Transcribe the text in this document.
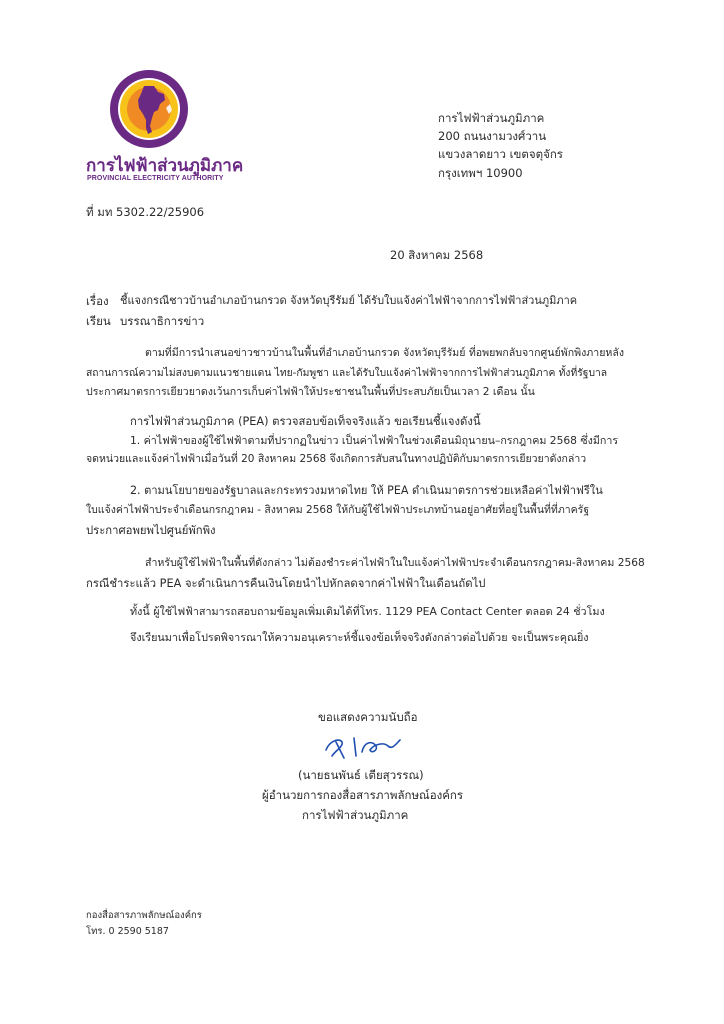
การไฟฟ้าส่วนภูมิภาค
PROVINCIAL ELECTRICITY AUTHORITY
การไฟฟ้าส่วนภูมิภาค
200 ถนนงามวงศ์วาน
แขวงลาดยาว เขตจตุจักร
กรุงเทพฯ 10900
ที่ มท 5302.22/25906
20 สิงหาคม 2568
เรื่อง ชี้แจงกรณีชาวบ้านอำเภอบ้านกรวด จังหวัดบุรีรัมย์ ได้รับใบแจ้งค่าไฟฟ้าจากการไฟฟ้าส่วนภูมิภาค
เรียน บรรณาธิการข่าว
ตามที่มีการนำเสนอข่าวชาวบ้านในพื้นที่อำเภอบ้านกรวด จังหวัดบุรีรัมย์ ที่อพยพกลับจากศูนย์พักพิงภายหลัง
สถานการณ์ความไม่สงบตามแนวชายแดน ไทย-กัมพูชา และได้รับใบแจ้งค่าไฟฟ้าจากการไฟฟ้าส่วนภูมิภาค ทั้งที่รัฐบาล
ประกาศมาตรการเยียวยาดงเว้นการเก็บค่าไฟฟ้าให้ประชาชนในพื้นที่ประสบภัยเป็นเวลา 2 เดือน นั้น
การไฟฟ้าส่วนภูมิภาค (PEA) ตรวจสอบข้อเท็จจริงแล้ว ขอเรียนชี้แจงดังนี้
1. ค่าไฟฟ้าของผู้ใช้ไฟฟ้าตามที่ปรากฏในข่าว เป็นค่าไฟฟ้าในช่วงเดือนมิถุนายน–กรกฎาคม 2568 ซึ่งมีการ
จดหน่วยและแจ้งค่าไฟฟ้าเมื่อวันที่ 20 สิงหาคม 2568 จึงเกิดการสับสนในทางปฏิบัติกับมาตรการเยียวยาดังกล่าว
2. ตามนโยบายของรัฐบาลและกระทรวงมหาดไทย ให้ PEA ดำเนินมาตรการช่วยเหลือค่าไฟฟ้าฟรีใน
ใบแจ้งค่าไฟฟ้าประจำเดือนกรกฎาคม - สิงหาคม 2568 ให้กับผู้ใช้ไฟฟ้าประเภทบ้านอยู่อาศัยที่อยู่ในพื้นที่ที่ภาครัฐ
ประกาศอพยพไปศูนย์พักพิง
สำหรับผู้ใช้ไฟฟ้าในพื้นที่ดังกล่าว ไม่ต้องชำระค่าไฟฟ้าในใบแจ้งค่าไฟฟ้าประจำเดือนกรกฎาคม-สิงหาคม 2568
กรณีชำระแล้ว PEA จะดำเนินการคืนเงินโดยนำไปหักลดจากค่าไฟฟ้าในเดือนถัดไป
ทั้งนี้ ผู้ใช้ไฟฟ้าสามารถสอบถามข้อมูลเพิ่มเติมได้ที่โทร. 1129 PEA Contact Center ตลอด 24 ชั่วโมง
จึงเรียนมาเพื่อโปรดพิจารณาให้ความอนุเคราะห์ชี้แจงข้อเท็จจริงดังกล่าวต่อไปด้วย จะเป็นพระคุณยิ่ง
ขอแสดงความนับถือ
(นายธนพันธ์ เตียสุวรรณ)
ผู้อำนวยการกองสื่อสารภาพลักษณ์องค์กร
การไฟฟ้าส่วนภูมิภาค
กองสื่อสารภาพลักษณ์องค์กร
โทร. 0 2590 5187
